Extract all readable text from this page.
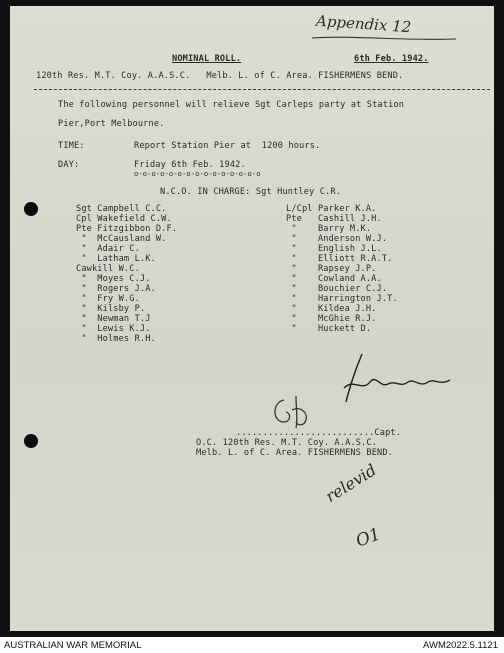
Appendix 12

NOMINAL ROLL.	6th Feb. 1942.

120th Res. M.T. Coy. A.A.S.C.   Melb. L. of C. Area. FISHERMENS BEND.

The following personnel will relieve Sgt Carleps party at Station

Pier,Port Melbourne.

TIME:	Report Station Pier at  1200 hours.

DAY:	Friday 6th Feb. 1942.

o-o-o-o-o-o-o-o-o-o-o-o-o-o-o

N.C.O. IN CHARGE: Sgt Huntley C.R.

Sgt Campbell C.C.

Cpl Wakefield C.W.

Pte Fitzgibbon D.F.

"  McCausland W.

"  Adair C.

"  Latham L.K.

Cawkill W.C.

"  Moyes C.J.

"  Rogers J.A.

"  Fry W.G.

"  Kilsby P.

"  Newman T.J

"  Lewis K.J.

"  Holmes R.H.

L/Cpl Parker K.A.

Pte   Cashill J.H.

"    Barry M.K.

"    Anderson W.J.

"    English J.L.

"    Elliott R.A.T.

"    Rapsey J.P.

"    Cowland A.A.

"    Bouchier C.J.

"    Harrington J.T.

"    Kildea J.H.

"    McGhie R.J.

"    Huckett D.

..........................Capt.

O.C. 120th Res. M.T. Coy. A.A.S.C.

Melb. L. of C. Area. FISHERMENS BEND.

relevid
O1
AUSTRALIAN WAR MEMORIAL	AWM2022.5.1121
